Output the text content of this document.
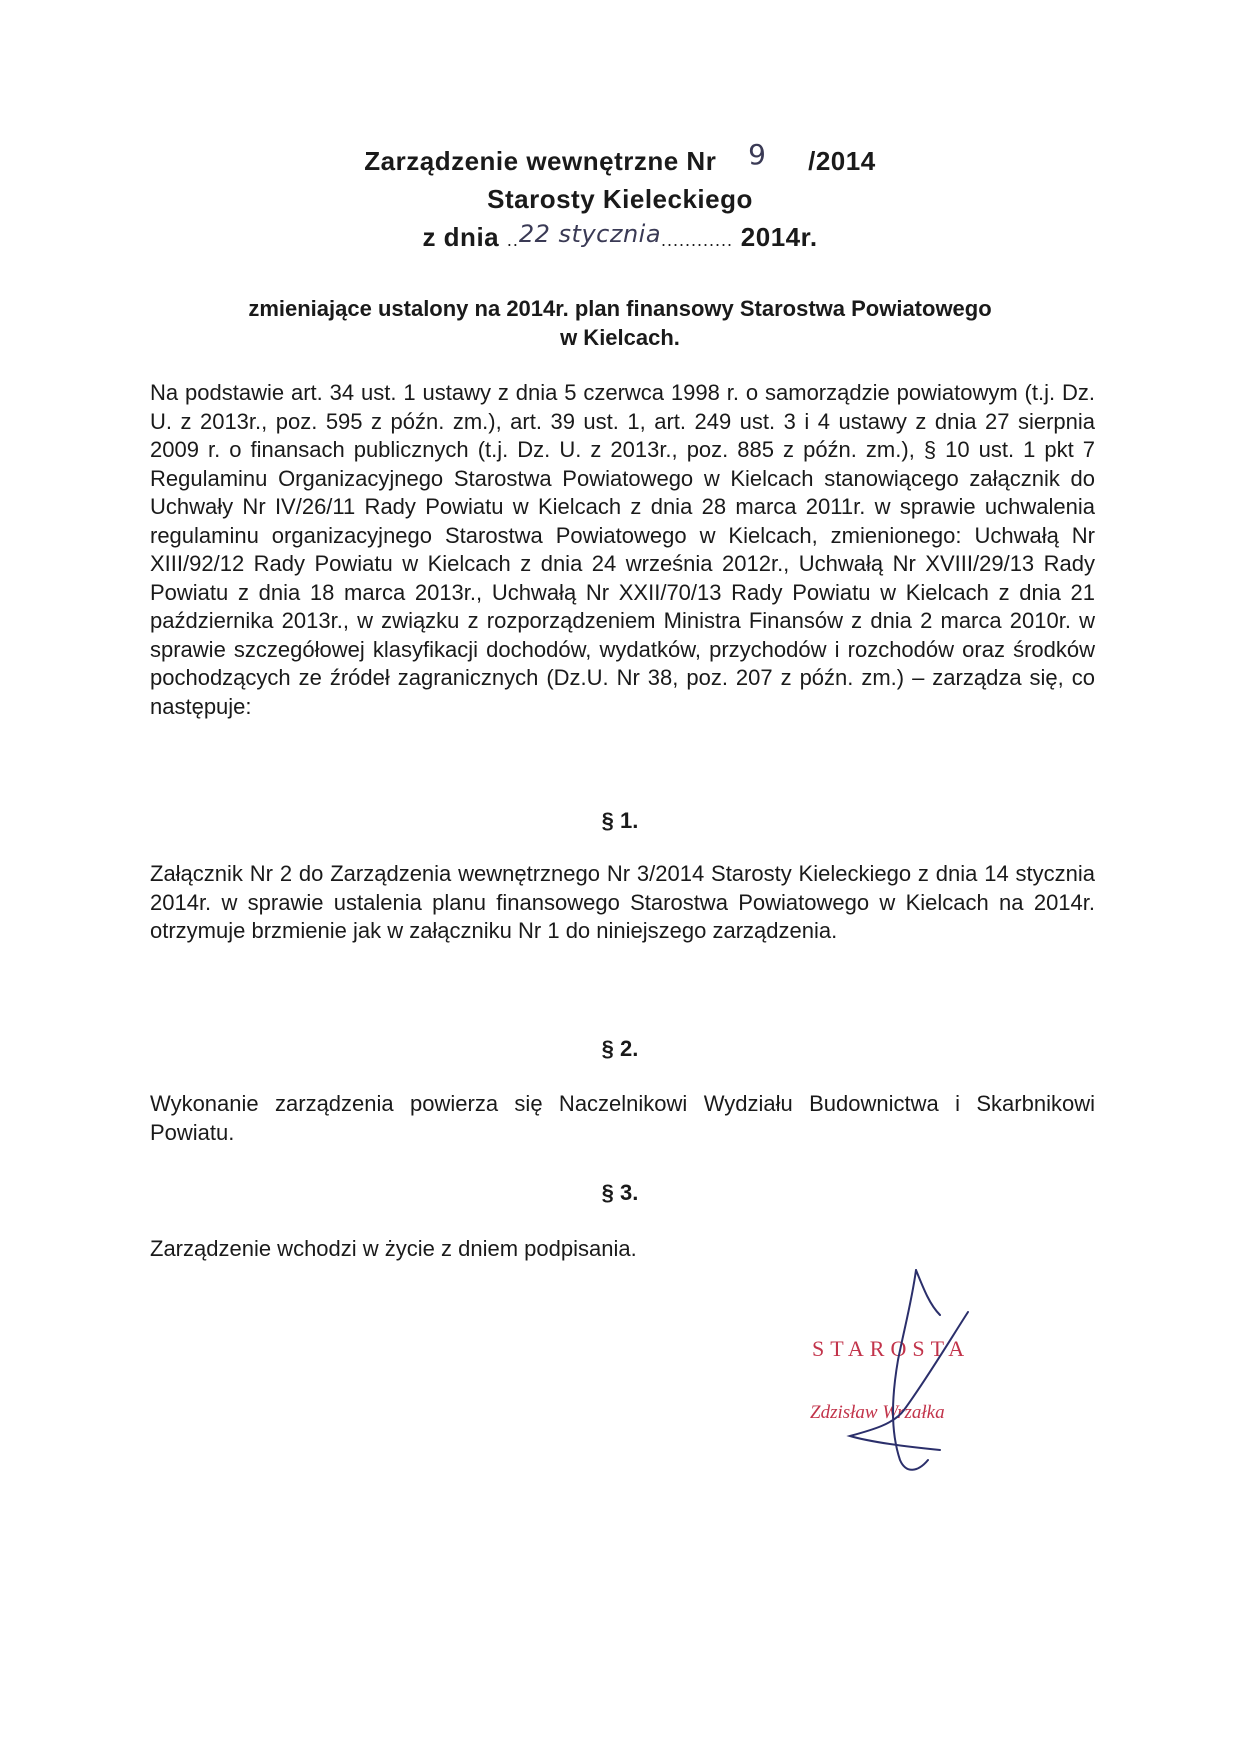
Zarządzenie wewnętrzne Nr 9 /2014
Starosty Kieleckiego
z dnia ..22 stycznia............ 2014r.
zmieniające ustalony na 2014r. plan finansowy Starostwa Powiatowego
w Kielcach.
Na podstawie art. 34 ust. 1 ustawy z dnia 5 czerwca 1998 r. o samorządzie powiatowym (t.j. Dz. U. z 2013r., poz. 595 z późn. zm.), art. 39 ust. 1, art. 249 ust. 3 i 4 ustawy z dnia 27 sierpnia 2009 r. o finansach publicznych (t.j. Dz. U. z 2013r., poz. 885 z późn. zm.), § 10 ust. 1 pkt 7 Regulaminu Organizacyjnego Starostwa Powiatowego w Kielcach stanowiącego załącznik do Uchwały Nr IV/26/11 Rady Powiatu w Kielcach z dnia 28 marca 2011r. w sprawie uchwalenia regulaminu organizacyjnego Starostwa Powiatowego w Kielcach, zmienionego: Uchwałą Nr XIII/92/12 Rady Powiatu w Kielcach z dnia 24 września 2012r., Uchwałą Nr XVIII/29/13 Rady Powiatu z dnia 18 marca 2013r., Uchwałą Nr XXII/70/13 Rady Powiatu w Kielcach z dnia 21 października 2013r., w związku z rozporządzeniem Ministra Finansów z dnia 2 marca 2010r. w sprawie szczegółowej klasyfikacji dochodów, wydatków, przychodów i rozchodów oraz środków pochodzących ze źródeł zagranicznych (Dz.U. Nr 38, poz. 207 z późn. zm.) – zarządza się, co następuje:
§ 1.
Załącznik Nr 2 do Zarządzenia wewnętrznego Nr 3/2014 Starosty Kieleckiego z dnia 14 stycznia 2014r. w sprawie ustalenia planu finansowego Starostwa Powiatowego w Kielcach na 2014r. otrzymuje brzmienie jak w załączniku Nr 1 do niniejszego zarządzenia.
§ 2.
Wykonanie zarządzenia powierza się Naczelnikowi Wydziału Budownictwa i Skarbnikowi Powiatu.
§ 3.
Zarządzenie wchodzi w życie z dniem podpisania.
STAROSTA
Zdzisław Wrzałka
